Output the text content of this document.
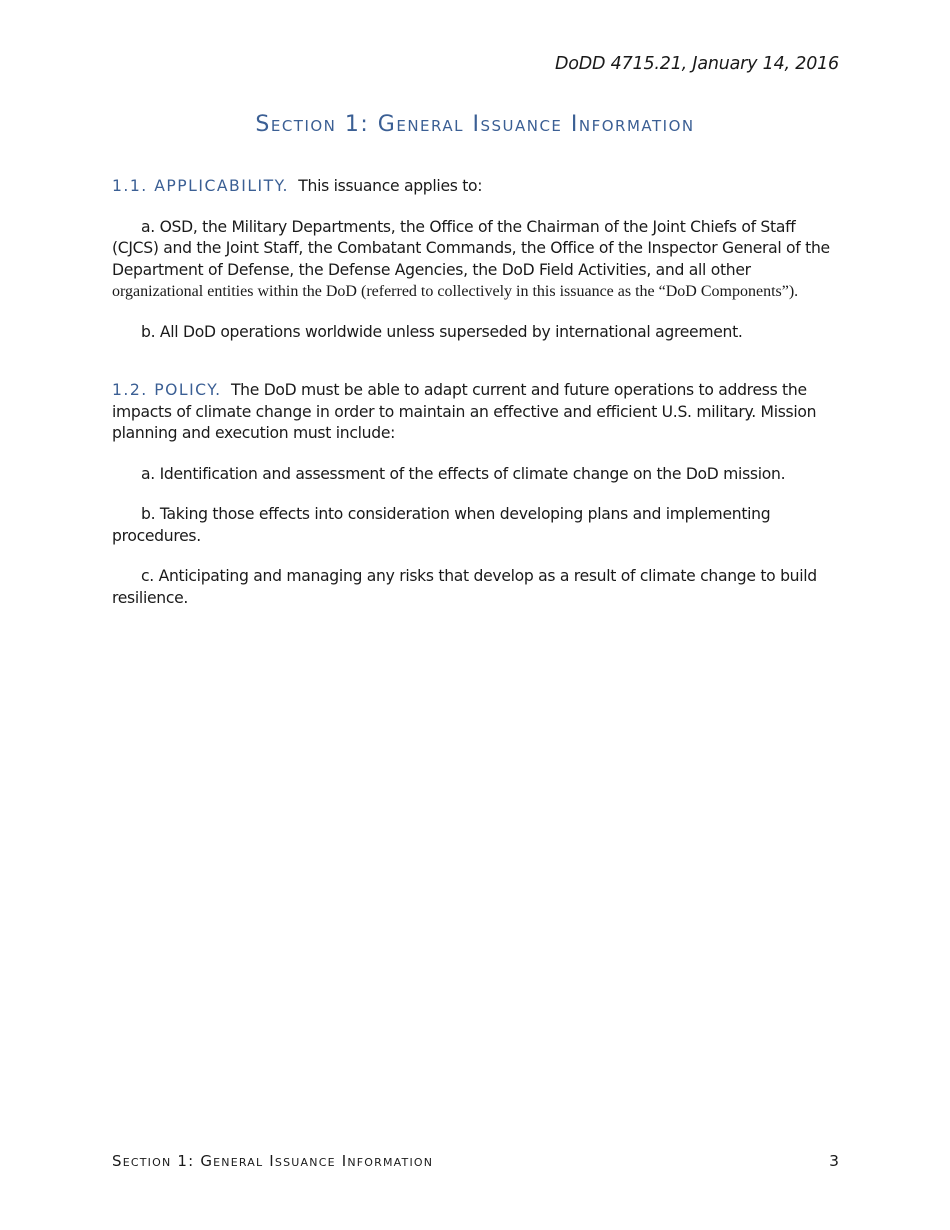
DoDD 4715.21, January 14, 2016
Section 1: General Issuance Information

1.1. APPLICABILITY. This issuance applies to:

a. OSD, the Military Departments, the Office of the Chairman of the Joint Chiefs of Staff (CJCS) and the Joint Staff, the Combatant Commands, the Office of the Inspector General of the Department of Defense, the Defense Agencies, the DoD Field Activities, and all other organizational entities within the DoD (referred to collectively in this issuance as the “DoD Components”).

b. All DoD operations worldwide unless superseded by international agreement.

1.2. POLICY. The DoD must be able to adapt current and future operations to address the impacts of climate change in order to maintain an effective and efficient U.S. military. Mission planning and execution must include:

a. Identification and assessment of the effects of climate change on the DoD mission.

b. Taking those effects into consideration when developing plans and implementing procedures.

c. Anticipating and managing any risks that develop as a result of climate change to build resilience.

Section 1: General Issuance Information	3
